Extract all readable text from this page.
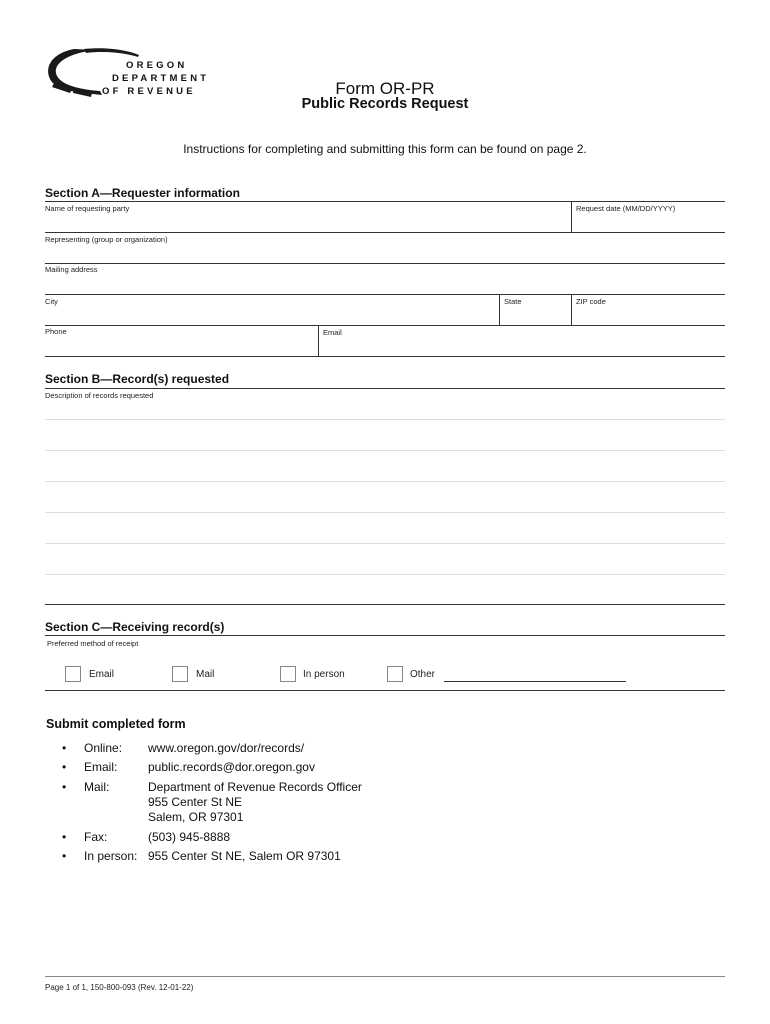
OREGON
DEPARTMENT
OF REVENUE	Form OR-PR
Public Records Request
Instructions for completing and submitting this form can be found on page 2.
Section A—Requester information
Name of requesting party	Request date (MM/DD/YYYY)
Representing (group or organization)
Mailing address
City	State	ZIP code
Phone	Email
Section B—Record(s) requested
Description of records requested
Section C—Receiving record(s)
Preferred method of receipt
Email	Mail	In person	Other
Submit completed form
• Online: www.oregon.gov/dor/records/
• Email:	public.records@dor.oregon.gov
• Mail:	Department of Revenue Records Officer
955 Center St NE
Salem, OR 97301
• Fax:	(503) 945-8888
• In person: 955 Center St NE, Salem OR 97301
Page 1 of 1, 150-800-093 (Rev. 12-01-22)
